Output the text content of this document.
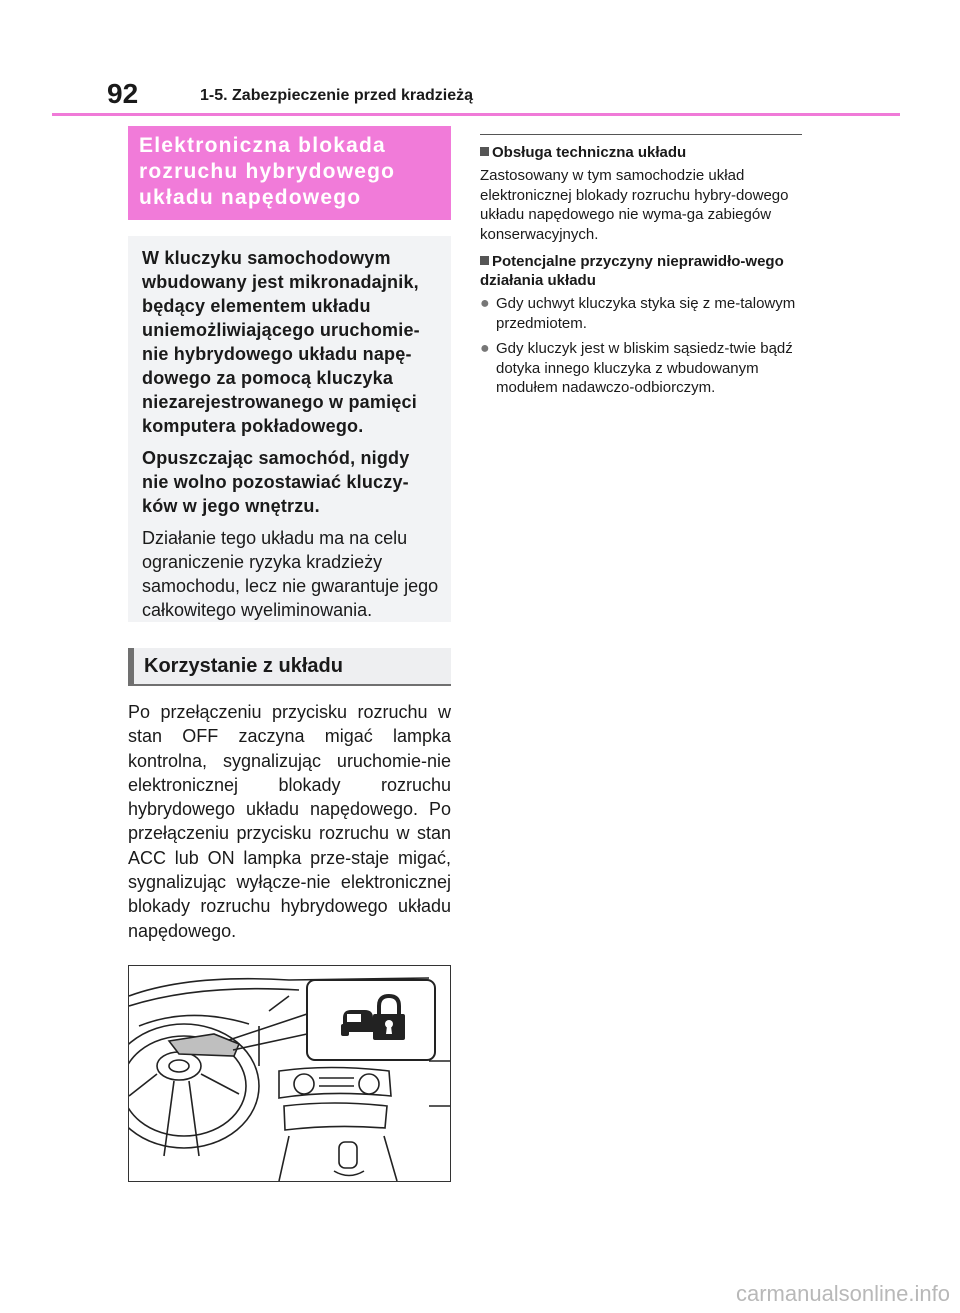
92	1-5. Zabezpieczenie przed kradzieżą
Elektroniczna blokada rozruchu hybrydowego układu napędowego

W kluczyku samochodowym wbudowany jest mikronadajnik, będący elementem układu uniemożliwiającego uruchomie-nie hybrydowego układu napę-dowego za pomocą kluczyka niezarejestrowanego w pamięci komputera pokładowego.

Opuszczając samochód, nigdy nie wolno pozostawiać kluczy-ków w jego wnętrzu.

Działanie tego układu ma na celu ograniczenie ryzyka kradzieży samochodu, lecz nie gwarantuje jego całkowitego wyeliminowania.

Korzystanie z układu
Po przełączeniu przycisku rozruchu w stan OFF zaczyna migać lampka kontrolna, sygnalizując uruchomie-nie elektronicznej blokady rozruchu hybrydowego układu napędowego. Po przełączeniu przycisku rozruchu w stan ACC lub ON lampka prze-staje migać, sygnalizując wyłącze-nie elektronicznej blokady rozruchu hybrydowego układu napędowego.

Obsługa techniczna układu

Zastosowany w tym samochodzie układ elektronicznej blokady rozruchu hybry-dowego układu napędowego nie wyma-ga zabiegów konserwacyjnych.

Potencjalne przyczyny nieprawidło-wego działania układu

● Gdy uchwyt kluczyka styka się z me-talowym przedmiotem.
● Gdy kluczyk jest w bliskim sąsiedz-twie bądź dotyka innego kluczyka z wbudowanym modułem nadawczo-odbiorczym.
carmanualsonline.info
